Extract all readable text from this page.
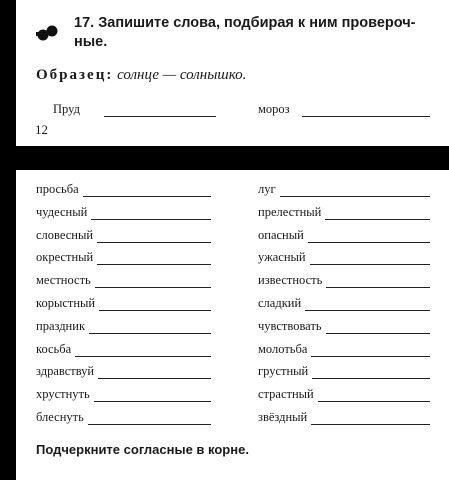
17. Запишите слова, подбирая к ним провероч-ные.
Образец: солнце — солнышко.
Пруд	мороз
12
просьба	луг
чудесный	прелестный
словесный	опасный
окрестный	ужасный
местность	известность
корыстный	сладкий
праздник	чувствовать
косьба	молотьба
здравствуй	грустный
хрустнуть	страстный
блеснуть	звёздный
Подчеркните согласные в корне.
